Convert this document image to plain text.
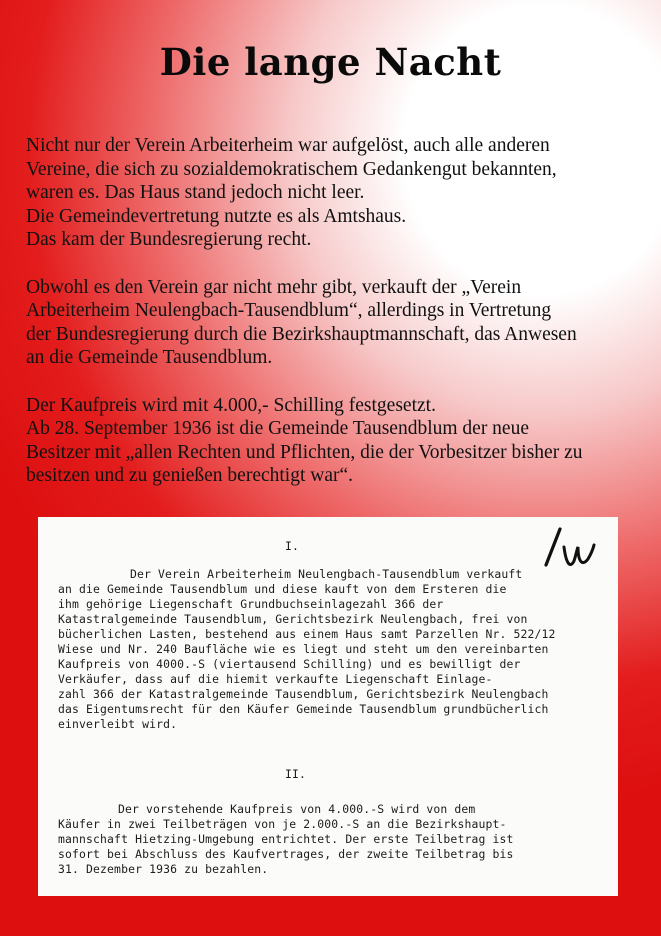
Die lange Nacht

Nicht nur der Verein Arbeiterheim war aufgelöst, auch alle anderen
Vereine, die sich zu sozialdemokratischem Gedankengut bekannten,
waren es. Das Haus stand jedoch nicht leer.
Die Gemeindevertretung nutzte es als Amtshaus.
Das kam der Bundesregierung recht.

Obwohl es den Verein gar nicht mehr gibt, verkauft der „Verein
Arbeiterheim Neulengbach-Tausendblum“, allerdings in Vertretung
der Bundesregierung durch die Bezirkshauptmannschaft, das Anwesen
an die Gemeinde Tausendblum.

Der Kaufpreis wird mit 4.000,- Schilling festgesetzt.
Ab 28. September 1936 ist die Gemeinde Tausendblum der neue
Besitzer mit „allen Rechten und Pflichten, die der Vorbesitzer bisher zu
besitzen und zu genießen berechtigt war“.

I.
Der Verein Arbeiterheim Neulengbach-Tausendblum verkauft
an die Gemeinde Tausendblum und diese kauft von dem Ersteren die
ihm gehörige Liegenschaft Grundbuchseinlagezahl 366 der
Katastralgemeinde Tausendblum, Gerichtsbezirk Neulengbach, frei von
bücherlichen Lasten, bestehend aus einem Haus samt Parzellen Nr. 522/12
Wiese und Nr. 240 Baufläche wie es liegt und steht um den vereinbarten
Kaufpreis von 4000.-S (viertausend Schilling) und es bewilligt der
Verkäufer, dass auf die hiemit verkaufte Liegenschaft Einlage-
zahl 366 der Katastralgemeinde Tausendblum, Gerichtsbezirk Neulengbach
das Eigentumsrecht für den Käufer Gemeinde Tausendblum grundbücherlich
einverleibt wird.
II.
Der vorstehende Kaufpreis von 4.000.-S wird von dem
Käufer in zwei Teilbeträgen von je 2.000.-S an die Bezirkshaupt-
mannschaft Hietzing-Umgebung entrichtet. Der erste Teilbetrag ist
sofort bei Abschluss des Kaufvertrages, der zweite Teilbetrag bis
31. Dezember 1936 zu bezahlen.
